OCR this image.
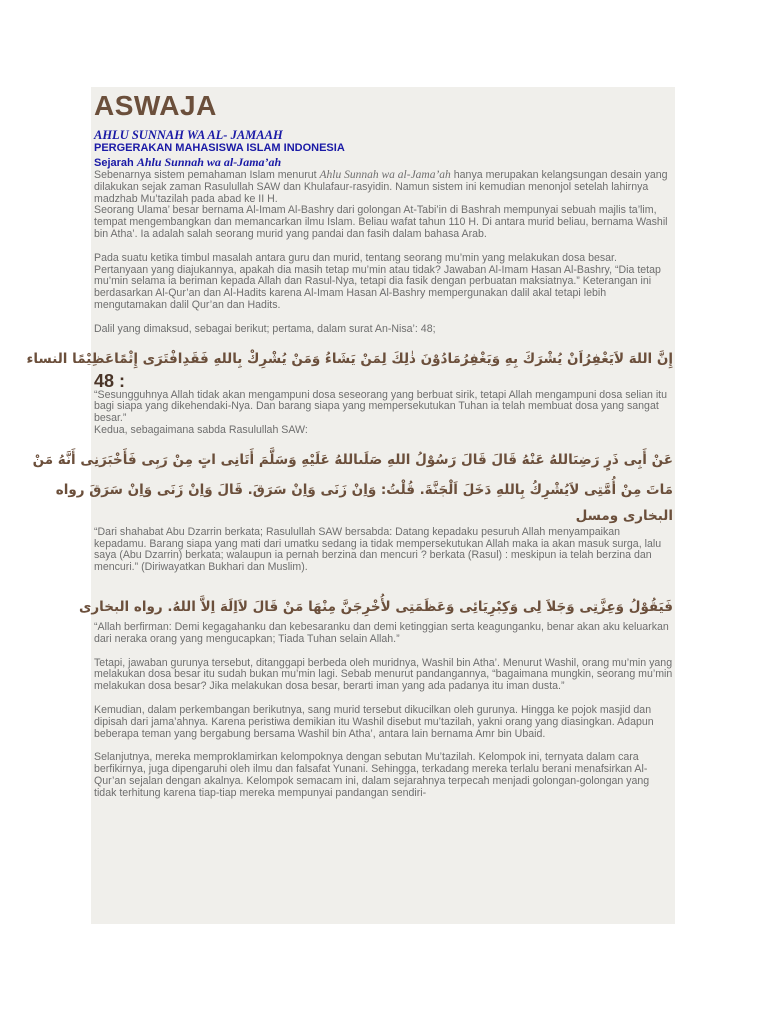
ASWAJA
AHLU SUNNAH WA AL- JAMAAH
PERGERAKAN MAHASISWA ISLAM INDONESIA
Sejarah Ahlu Sunnah wa al-Jama’ah

Sebenarnya sistem pemahaman Islam menurut Ahlu Sunnah wa al-Jama’ah hanya merupakan kelangsungan desain yang dilakukan sejak zaman Rasulullah SAW dan Khulafaur-rasyidin. Namun sistem ini kemudian menonjol setelah lahirnya madzhab Mu’tazilah pada abad ke II H.

Seorang Ulama’ besar bernama Al-Imam Al-Bashry dari golongan At-Tabi’in di Bashrah mempunyai sebuah majlis ta’lim, tempat mengembangkan dan memancarkan ilmu Islam. Beliau wafat tahun 110 H. Di antara murid beliau, bernama Washil bin Atha’. Ia adalah salah seorang murid yang pandai dan fasih dalam bahasa Arab.

Pada suatu ketika timbul masalah antara guru dan murid, tentang seorang mu’min yang melakukan dosa besar. Pertanyaan yang diajukannya, apakah dia masih tetap mu’min atau tidak? Jawaban Al-Imam Hasan Al-Bashry, “Dia tetap mu’min selama ia beriman kepada Allah dan Rasul-Nya, tetapi dia fasik dengan perbuatan maksiatnya.” Keterangan ini berdasarkan Al-Qur’an dan Al-Hadits karena Al-Imam Hasan Al-Bashry mempergunakan dalil akal tetapi lebih mengutamakan dalil Qur’an dan Hadits.

Dalil yang dimaksud, sebagai berikut; pertama, dalam surat An-Nisa’: 48;

إِنَّ اللهَ لاَيَغْفِرُاَنْ يُشْرَكَ بِهِ وَيَغْفِرُمَادُوْنَ ذٰلِكَ لِمَنْ يَشَاءُ وَمَنْ يُشْرِكْ بِاللهِ فَقَدِافْتَرَى إِثْمًاعَظِيْمًا النساء
48 :

“Sesungguhnya Allah tidak akan mengampuni dosa seseorang yang berbuat sirik, tetapi Allah mengampuni dosa selian itu bagi siapa yang dikehendaki-Nya. Dan barang siapa yang mempersekutukan Tuhan ia telah membuat dosa yang sangat besar.”

Kedua, sebagaimana sabda Rasulullah SAW:

عَنْ أَبِى ذَرٍ رَضِىَاللهُ عَنْهُ قَالَ قَالَ رَسُوْلُ اللهِ صَلَىاللهُ عَلَيْهِ وَسَلَّمَ أَتَانِى اتٍ مِنْ رَبِى فَأَخْبَرَنِى أَنَّهُ مَنْ
مَاتَ مِنْ أُمَّتِى لاَيُشْرِكُ بِاللهِ دَخَلَ اَلْجَنَّةَ. قُلْتُ: وَاِنْ زَنَى وَاِنْ سَرَقَ. قَالَ وَاِنْ زَنَى وَاِنْ سَرَقَ رواه
البخارى ومسل

“Dari shahabat Abu Dzarrin berkata; Rasulullah SAW bersabda: Datang kepadaku pesuruh Allah menyampaikan kepadamu. Barang siapa yang mati dari umatku sedang ia tidak mempersekutukan Allah maka ia akan masuk surga, lalu saya (Abu Dzarrin) berkata; walaupun ia pernah berzina dan mencuri ? berkata (Rasul) : meskipun ia telah berzina dan mencuri.” (Diriwayatkan Bukhari dan Muslim).

فَيَقُوْلُ وَعِزَّتِى وَجَلاَ لِى وَكِبْرِيَائِى وَعَظَمَتِى لأُخْرِجَنَّ مِنْهَا مَنْ قَالَ لاَاِلَهَ اِلاَّ اللهُ. رواه البخارى

“Allah berfirman: Demi kegagahanku dan kebesaranku dan demi ketinggian serta keagunganku, benar akan aku keluarkan dari neraka orang yang mengucapkan; Tiada Tuhan selain Allah.”

Tetapi, jawaban gurunya tersebut, ditanggapi berbeda oleh muridnya, Washil bin Atha’. Menurut Washil, orang mu’min yang melakukan dosa besar itu sudah bukan mu’min lagi. Sebab menurut pandangannya, “bagaimana mungkin, seorang mu’min melakukan dosa besar? Jika melakukan dosa besar, berarti iman yang ada padanya itu iman dusta.”

Kemudian, dalam perkembangan berikutnya, sang murid tersebut dikucilkan oleh gurunya. Hingga ke pojok masjid dan dipisah dari jama’ahnya. Karena peristiwa demikian itu Washil disebut mu’tazilah, yakni orang yang diasingkan. Adapun beberapa teman yang bergabung bersama Washil bin Atha’, antara lain bernama Amr bin Ubaid.

Selanjutnya, mereka memproklamirkan kelompoknya dengan sebutan Mu’tazilah. Kelompok ini, ternyata dalam cara berfikirnya, juga dipengaruhi oleh ilmu dan falsafat Yunani. Sehingga, terkadang mereka terlalu berani menafsirkan Al-Qur’an sejalan dengan akalnya. Kelompok semacam ini, dalam sejarahnya terpecah menjadi golongan-golongan yang tidak terhitung karena tiap-tiap mereka mempunyai pandangan sendiri-
